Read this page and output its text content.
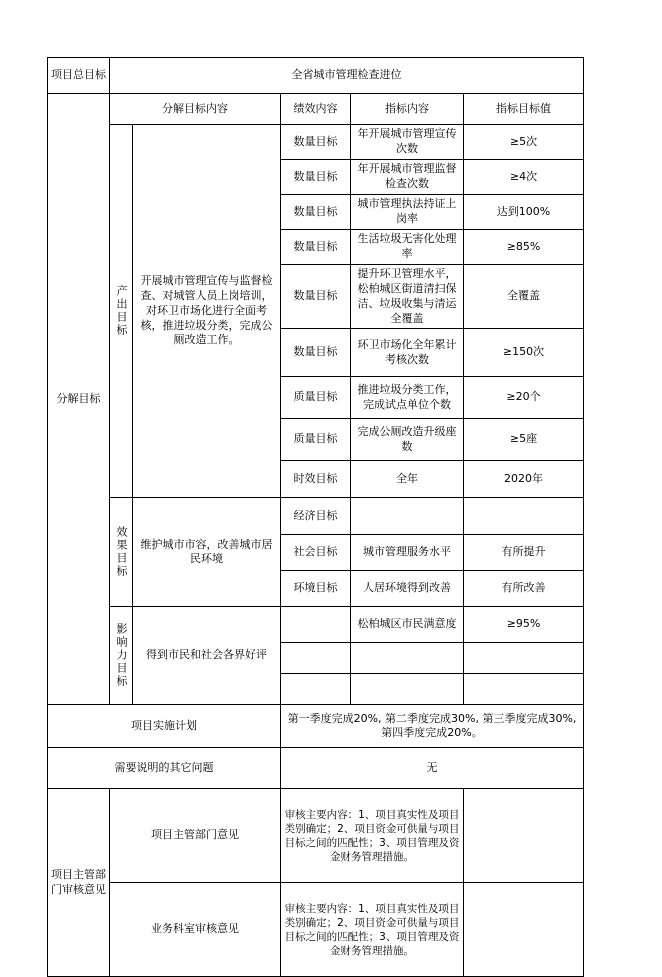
项目总目标	全省城市管理检查进位				
分解目标	分解目标内容		绩效内容	指标内容	指标目标值

	产出目标	开展城市管理宣传与监督检查、对城管人员上岗培训，对环卫市场化进行全面考核，推进垃圾分类，完成公厕改造工作。	数量目标	年开展城市管理宣传次数	≥5次
			数量目标	年开展城市管理监督检查次数	≥4次
			数量目标	城市管理执法持证上岗率	达到100%
			数量目标	生活垃圾无害化处理率	≥85%
			数量目标	提升环卫管理水平，松柏城区街道清扫保洁、垃圾收集与清运全覆盖	全覆盖
			数量目标	环卫市场化全年累计考核次数	≥150次
			质量目标	推进垃圾分类工作，完成试点单位个数	≥20个
			质量目标	完成公厕改造升级座数	≥5座
			时效目标	全年	2020年

	效果目标	维护城市市容，改善城市居民环境	经济目标		
			社会目标	城市管理服务水平	有所提升
			环境目标	人居环境得到改善	有所改善

	影响力目标	得到市民和社会各界好评		松柏城区市民满意度	≥95%

项目实施计划			第一季度完成20%, 第二季度完成30%, 第三季度完成30%, 第四季度完成20%。		
需要说明的其它问题			无		
项目主管部门审核意见	项目主管部门意见		审核主要内容：1、项目真实性及项目类别确定；2、项目资金可供量与项目目标之间的匹配性；3、项目管理及资金财务管理措施。		
	业务科室审核意见		审核主要内容：1、项目真实性及项目类别确定；2、项目资金可供量与项目目标之间的匹配性；3、项目管理及资金财务管理措施。		
